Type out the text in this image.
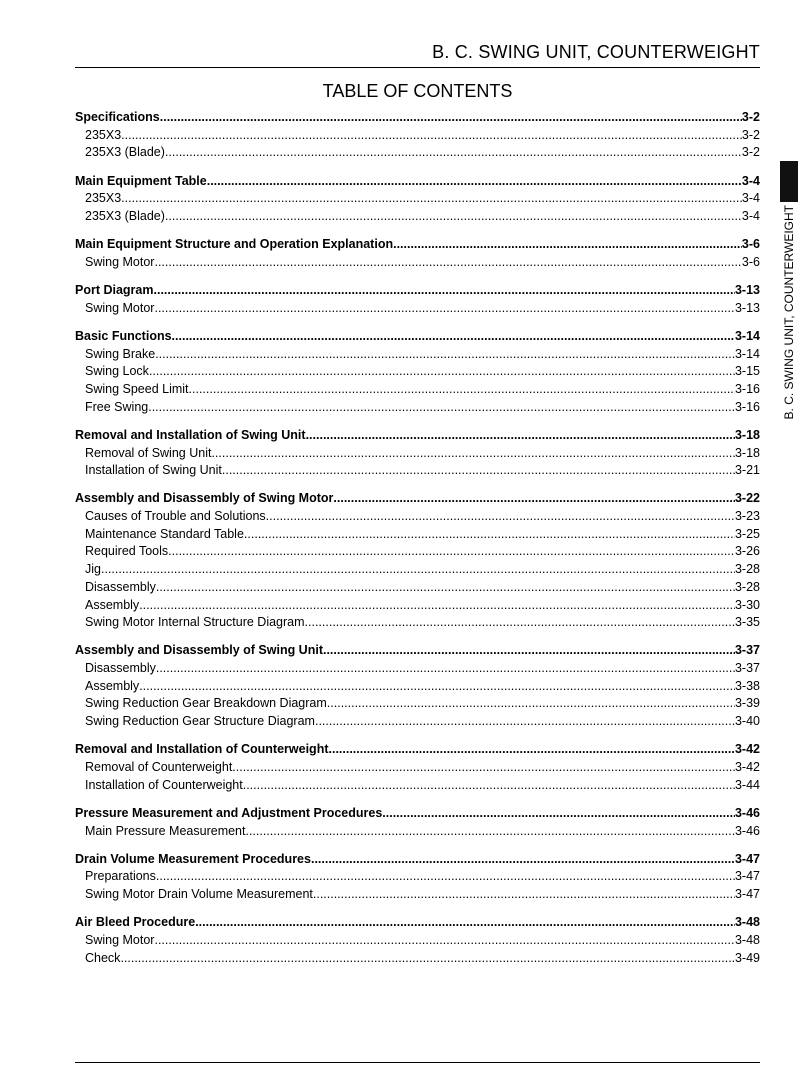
B. C. SWING UNIT, COUNTERWEIGHT
TABLE OF CONTENTS
B. C. SWING UNIT, COUNTERWEIGHT
Specifications .....	3-2
235X3 .....	3-2
235X3 (Blade) .....	3-2
Main Equipment Table .....	3-4
235X3 .....	3-4
235X3 (Blade) .....	3-4
Main Equipment Structure and Operation Explanation .....	3-6
Swing Motor .....	3-6
Port Diagram .....	3-13
Swing Motor .....	3-13
Basic Functions .....	3-14
Swing Brake .....	3-14
Swing Lock .....	3-15
Swing Speed Limit .....	3-16
Free Swing .....	3-16
Removal and Installation of Swing Unit .....	3-18
Removal of Swing Unit .....	3-18
Installation of Swing Unit .....	3-21
Assembly and Disassembly of Swing Motor .....	3-22
Causes of Trouble and Solutions .....	3-23
Maintenance Standard Table .....	3-25
Required Tools .....	3-26
Jig .....	3-28
Disassembly .....	3-28
Assembly .....	3-30
Swing Motor Internal Structure Diagram .....	3-35
Assembly and Disassembly of Swing Unit .....	3-37
Disassembly .....	3-37
Assembly .....	3-38
Swing Reduction Gear Breakdown Diagram .....	3-39
Swing Reduction Gear Structure Diagram .....	3-40
Removal and Installation of Counterweight .....	3-42
Removal of Counterweight .....	3-42
Installation of Counterweight .....	3-44
Pressure Measurement and Adjustment Procedures .....	3-46
Main Pressure Measurement .....	3-46
Drain Volume Measurement Procedures .....	3-47
Preparations .....	3-47
Swing Motor Drain Volume Measurement .....	3-47
Air Bleed Procedure .....	3-48
Swing Motor .....	3-48
Check .....	3-49
